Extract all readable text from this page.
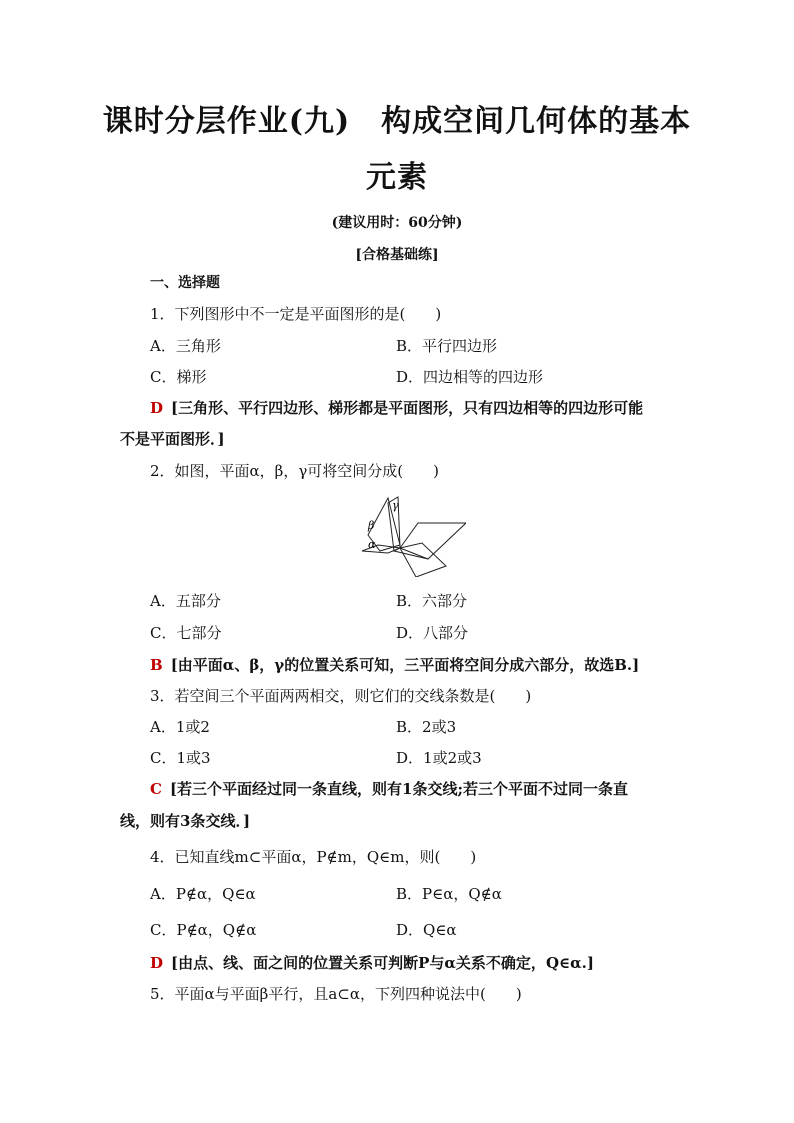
课时分层作业(九)　构成空间几何体的基本
元素
(建议用时：60分钟)
[合格基础练]
一、选择题
1．下列图形中不一定是平面图形的是(　　)
A．三角形	B．平行四边形
C．梯形	D．四边相等的四边形
D [三角形、平行四边形、梯形都是平面图形，只有四边相等的四边形可能
不是平面图形．]
2．如图，平面α，β，γ可将空间分成(　　)
β
γ
α
A．五部分	B．六部分
C．七部分	D．八部分
B [由平面α、β，γ的位置关系可知，三平面将空间分成六部分，故选B.]
3．若空间三个平面两两相交，则它们的交线条数是(　　)
A．1或2	B．2或3
C．1或3	D．1或2或3
C [若三个平面经过同一条直线，则有1条交线;若三个平面不过同一条直
线，则有3条交线．]
4．已知直线m⊂平面α，P∉m，Q∈m，则(　　)
A．P∉α，Q∈α	B．P∈α，Q∉α
C．P∉α，Q∉α	D．Q∈α
D [由点、线、面之间的位置关系可判断P与α关系不确定，Q∈α.]
5．平面α与平面β平行，且a⊂α，下列四种说法中(　　)
